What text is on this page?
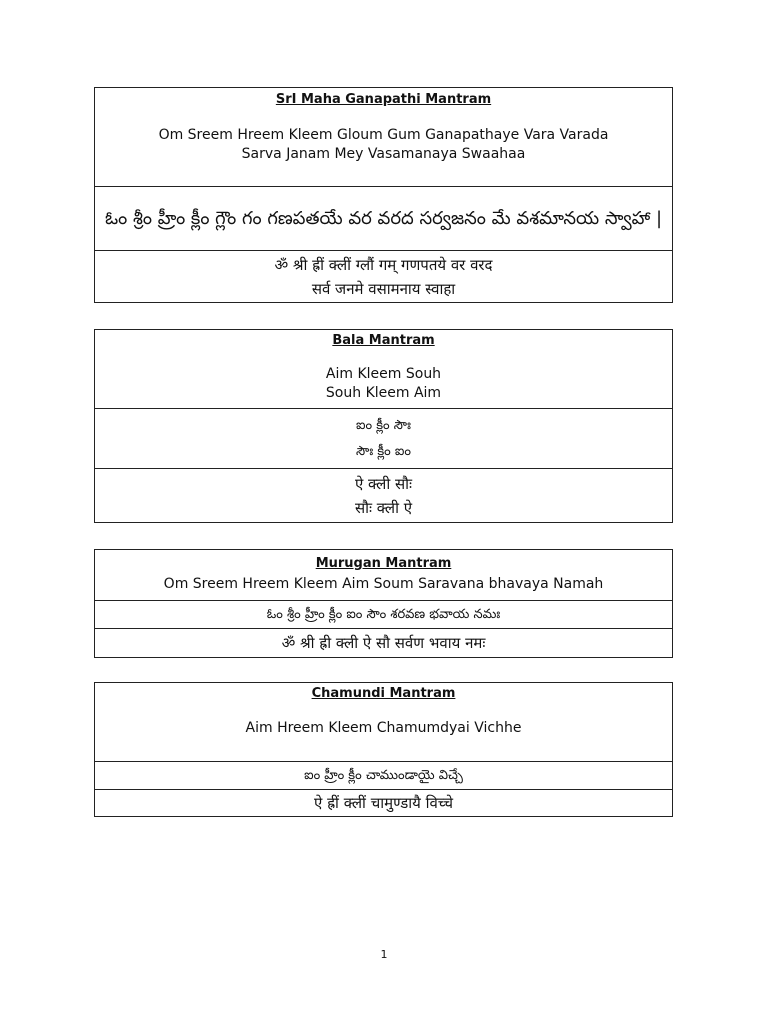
SrI Maha Ganapathi Mantram
Om Sreem Hreem Kleem Gloum Gum Ganapathaye Vara Varada
Sarva Janam Mey Vasamanaya Swaahaa
ఓం శ్రీం హ్రీం క్లీం గ్లౌం గం గణపతయే వర వరద సర్వజనం మే వశమానయ స్వాహా |
ॐ श्री ह्रीं क्लीं ग्लौं गम् गणपतये वर वरद
सर्व जनमे वसामनाय स्वाहा
Bala Mantram
Aim Kleem Souh
Souh Kleem Aim
ఐం క్లీం సౌః
సౌః క్లీం ఐం
ऐ क्ली सौः
सौः क्ली ऐ
Murugan Mantram
Om Sreem Hreem Kleem Aim Soum Saravana bhavaya Namah
ఓం శ్రీం హ్రీం క్లీం ఐం సౌం శరవణ భవాయ నమః
ॐ श्री ह्री क्ली ऐ सौ सर्वण भवाय नमः
Chamundi Mantram
Aim Hreem Kleem Chamumdyai Vichhe
ఐం హ్రీం క్లీం చాముండాయై విచ్చే
ऐ ह्रीं क्लीं चामुण्डायै विच्चे
1
